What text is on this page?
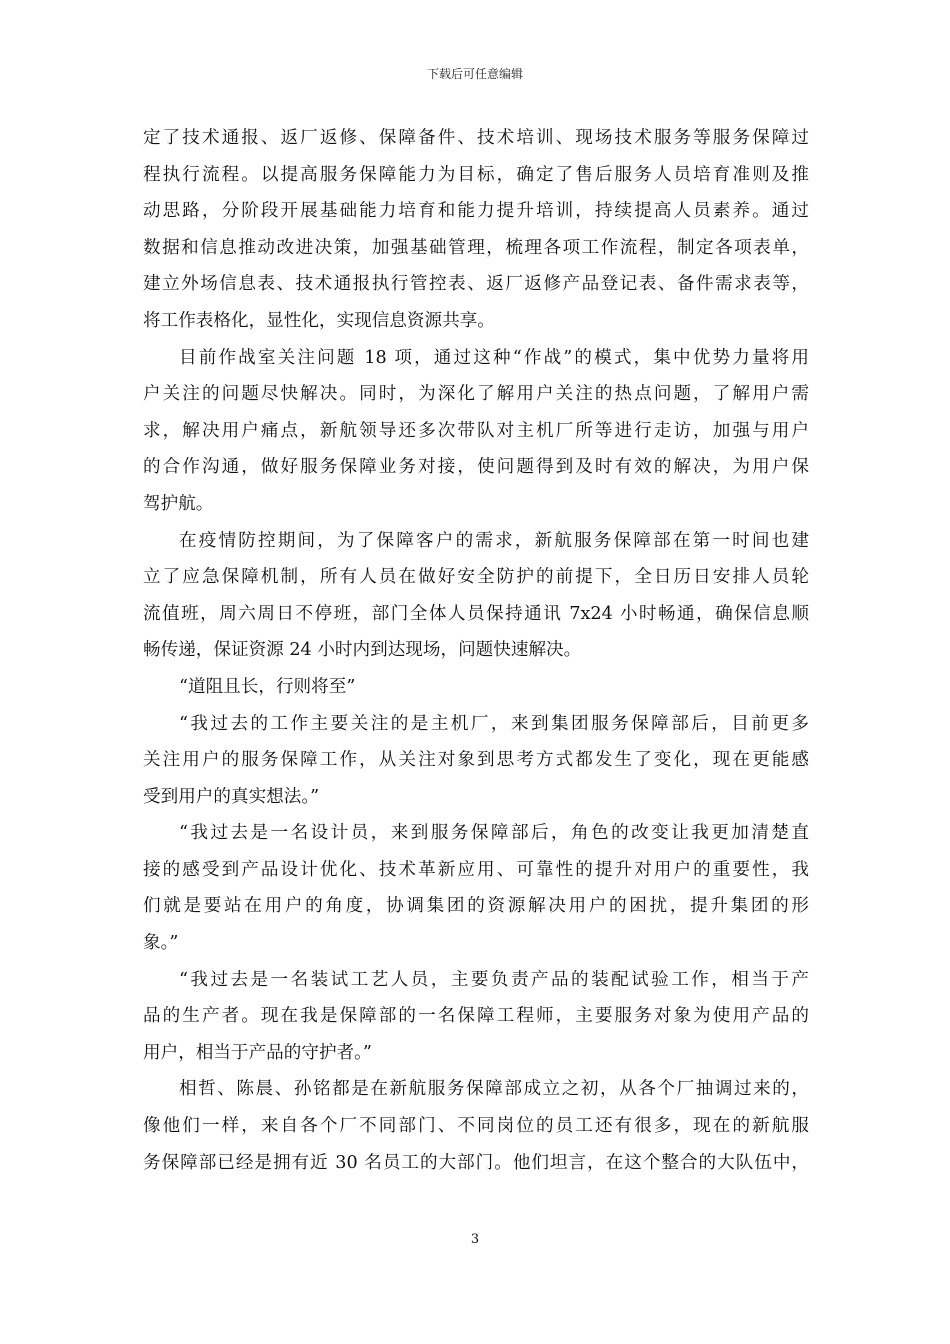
下载后可任意编辑
定了技术通报、返厂返修、保障备件、技术培训、现场技术服务等服务保障过
程执行流程。以提高服务保障能力为目标，确定了售后服务人员培育准则及推
动思路，分阶段开展基础能力培育和能力提升培训，持续提高人员素养。通过
数据和信息推动改进决策，加强基础管理，梳理各项工作流程，制定各项表单，
建立外场信息表、技术通报执行管控表、返厂返修产品登记表、备件需求表等，
将工作表格化，显性化，实现信息资源共享。
目前作战室关注问题 18 项，通过这种“作战”的模式，集中优势力量将用
户关注的问题尽快解决。同时，为深化了解用户关注的热点问题，了解用户需
求，解决用户痛点，新航领导还多次带队对主机厂所等进行走访，加强与用户
的合作沟通，做好服务保障业务对接，使问题得到及时有效的解决，为用户保
驾护航。
在疫情防控期间，为了保障客户的需求，新航服务保障部在第一时间也建
立了应急保障机制，所有人员在做好安全防护的前提下，全日历日安排人员轮
流值班，周六周日不停班，部门全体人员保持通讯 7x24 小时畅通，确保信息顺
畅传递，保证资源 24 小时内到达现场，问题快速解决。
“道阻且长，行则将至”
“我过去的工作主要关注的是主机厂，来到集团服务保障部后，目前更多
关注用户的服务保障工作，从关注对象到思考方式都发生了变化，现在更能感
受到用户的真实想法。”
“我过去是一名设计员，来到服务保障部后，角色的改变让我更加清楚直
接的感受到产品设计优化、技术革新应用、可靠性的提升对用户的重要性，我
们就是要站在用户的角度，协调集团的资源解决用户的困扰，提升集团的形
象。”
“我过去是一名装试工艺人员，主要负责产品的装配试验工作，相当于产
品的生产者。现在我是保障部的一名保障工程师，主要服务对象为使用产品的
用户，相当于产品的守护者。”
相哲、陈晨、孙铭都是在新航服务保障部成立之初，从各个厂抽调过来的，
像他们一样，来自各个厂不同部门、不同岗位的员工还有很多，现在的新航服
务保障部已经是拥有近 30 名员工的大部门。他们坦言，在这个整合的大队伍中，
3
